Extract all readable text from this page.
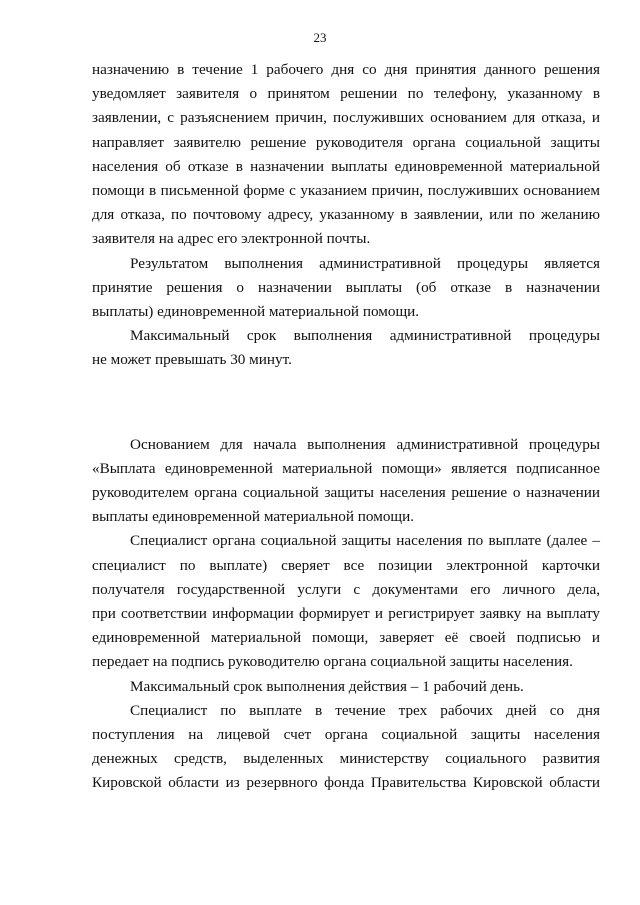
23

назначению в течение 1 рабочего дня со дня принятия данного решения

уведомляет заявителя о принятом решении по телефону, указанному в

заявлении, с разъяснением причин, послуживших основанием для отказа, и

направляет заявителю решение руководителя органа социальной защиты

населения об отказе в назначении выплаты единовременной материальной

помощи в письменной форме с указанием причин, послуживших основанием

для отказа, по почтовому адресу, указанному в заявлении, или по желанию

заявителя на адрес его электронной почты.

Результатом выполнения административной процедуры является

принятие решения о назначении выплаты (об отказе в назначении

выплаты) единовременной материальной помощи.

Максимальный срок выполнения административной процедуры

не может превышать 30 минут.

Основанием для начала выполнения административной процедуры

«Выплата единовременной материальной помощи» является подписанное

руководителем органа социальной защиты населения решение о назначении

выплаты единовременной материальной помощи.

Специалист органа социальной защиты населения по выплате (далее –

специалист по выплате) сверяет все позиции электронной карточки

получателя государственной услуги с документами его личного дела,

при соответствии информации формирует и регистрирует заявку на выплату

единовременной материальной помощи, заверяет её своей подписью и

передает на подпись руководителю органа социальной защиты населения.

Максимальный срок выполнения действия – 1 рабочий день.

Специалист по выплате в течение трех рабочих дней со дня

поступления на лицевой счет органа социальной защиты населения

денежных средств, выделенных министерству социального развития

Кировской области из резервного фонда Правительства Кировской области
